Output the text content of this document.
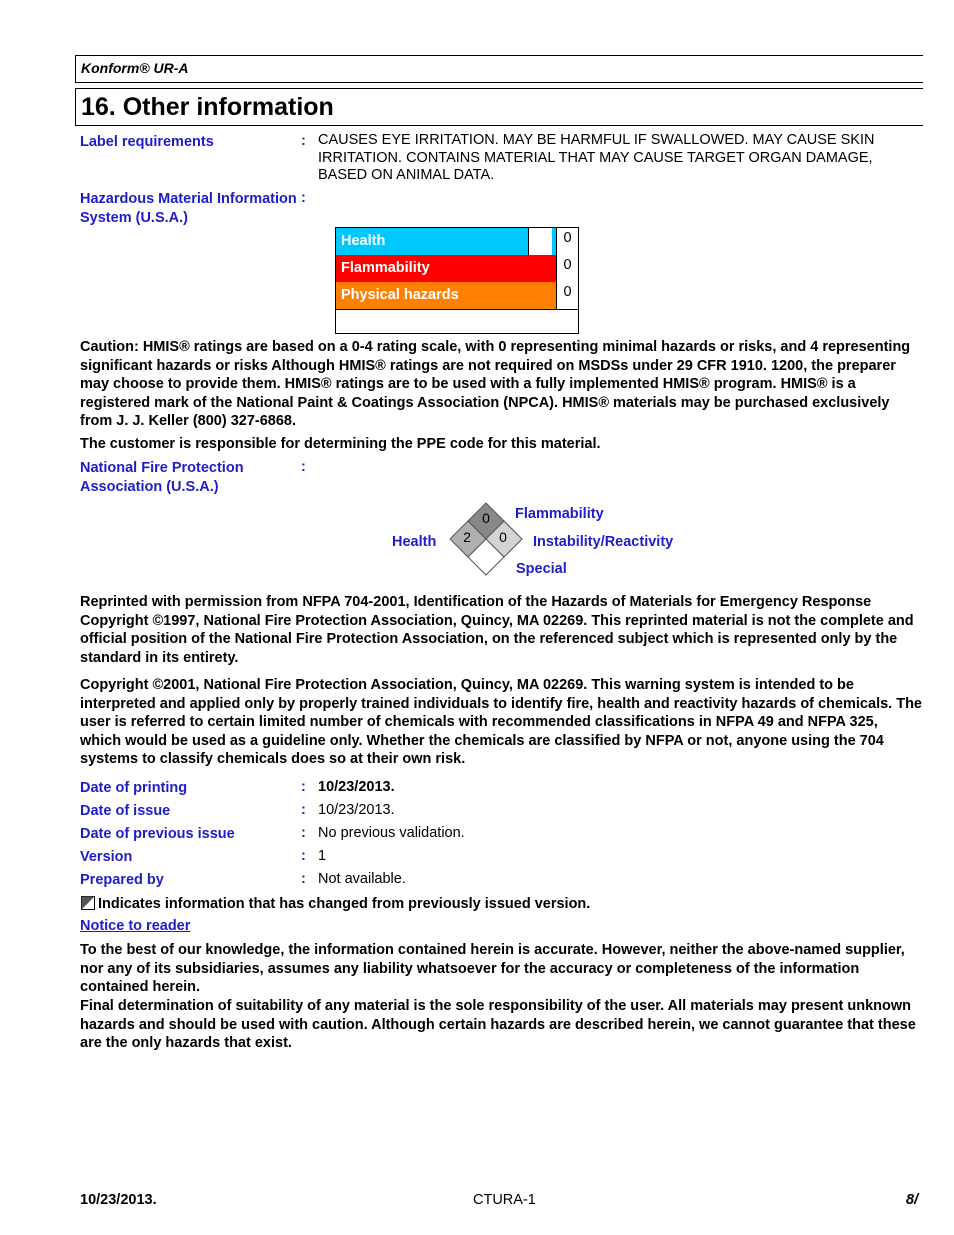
Konform® UR-A
16. Other information
Label requirements	: CAUSES EYE IRRITATION. MAY BE HARMFUL IF SWALLOWED. MAY CAUSE SKIN IRRITATION. CONTAINS MATERIAL THAT MAY CAUSE TARGET ORGAN DAMAGE, BASED ON ANIMAL DATA.
Hazardous Material Information System (U.S.A.)
:
Health	0
Flammability	0
Physical hazards	0
Caution: HMIS® ratings are based on a 0-4 rating scale, with 0 representing minimal hazards or risks, and 4 representing significant hazards or risks Although HMIS® ratings are not required on MSDSs under 29 CFR 1910. 1200, the preparer may choose to provide them. HMIS® ratings are to be used with a fully implemented HMIS® program. HMIS® is a registered mark of the National Paint & Coatings Association (NPCA). HMIS® materials may be purchased exclusively from J. J. Keller (800) 327-6868.
The customer is responsible for determining the PPE code for this material.
National Fire Protection Association (U.S.A.)
:
0
2 0
Flammability
Health	Instability/Reactivity
Special
Reprinted with permission from NFPA 704-2001, Identification of the Hazards of Materials for Emergency Response Copyright ©1997, National Fire Protection Association, Quincy, MA 02269. This reprinted material is not the complete and official position of the National Fire Protection Association, on the referenced subject which is represented only by the standard in its entirety.
Copyright ©2001, National Fire Protection Association, Quincy, MA 02269. This warning system is intended to be interpreted and applied only by properly trained individuals to identify fire, health and reactivity hazards of chemicals. The user is referred to certain limited number of chemicals with recommended classifications in NFPA 49 and NFPA 325, which would be used as a guideline only. Whether the chemicals are classified by NFPA or not, anyone using the 704 systems to classify chemicals does so at their own risk.
Date of printing	: 10/23/2013.
Date of issue	: 10/23/2013.
Date of previous issue	: No previous validation.
Version	: 1
Prepared by	: Not available.
Indicates information that has changed from previously issued version.
Notice to reader
To the best of our knowledge, the information contained herein is accurate. However, neither the above-named supplier, nor any of its subsidiaries, assumes any liability whatsoever for the accuracy or completeness of the information contained herein.
Final determination of suitability of any material is the sole responsibility of the user. All materials may present unknown hazards and should be used with caution. Although certain hazards are described herein, we cannot guarantee that these are the only hazards that exist.
10/23/2013.	CTURA-1	8/
